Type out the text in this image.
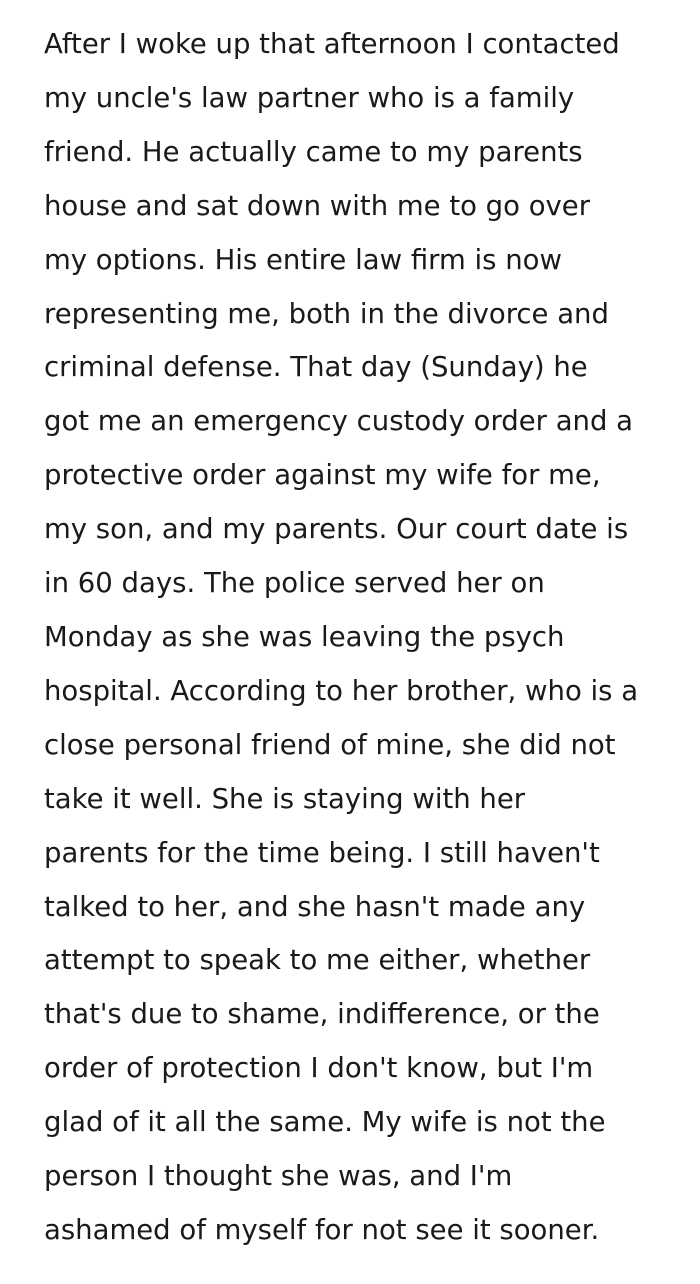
After I woke up that afternoon I contacted
my uncle's law partner who is a family
friend. He actually came to my parents
house and sat down with me to go over
my options. His entire law firm is now
representing me, both in the divorce and
criminal defense. That day (Sunday) he
got me an emergency custody order and a
protective order against my wife for me,
my son, and my parents. Our court date is
in 60 days. The police served her on
Monday as she was leaving the psych
hospital. According to her brother, who is a
close personal friend of mine, she did not
take it well. She is staying with her
parents for the time being. I still haven't
talked to her, and she hasn't made any
attempt to speak to me either, whether
that's due to shame, indifference, or the
order of protection I don't know, but I'm
glad of it all the same. My wife is not the
person I thought she was, and I'm
ashamed of myself for not see it sooner.
